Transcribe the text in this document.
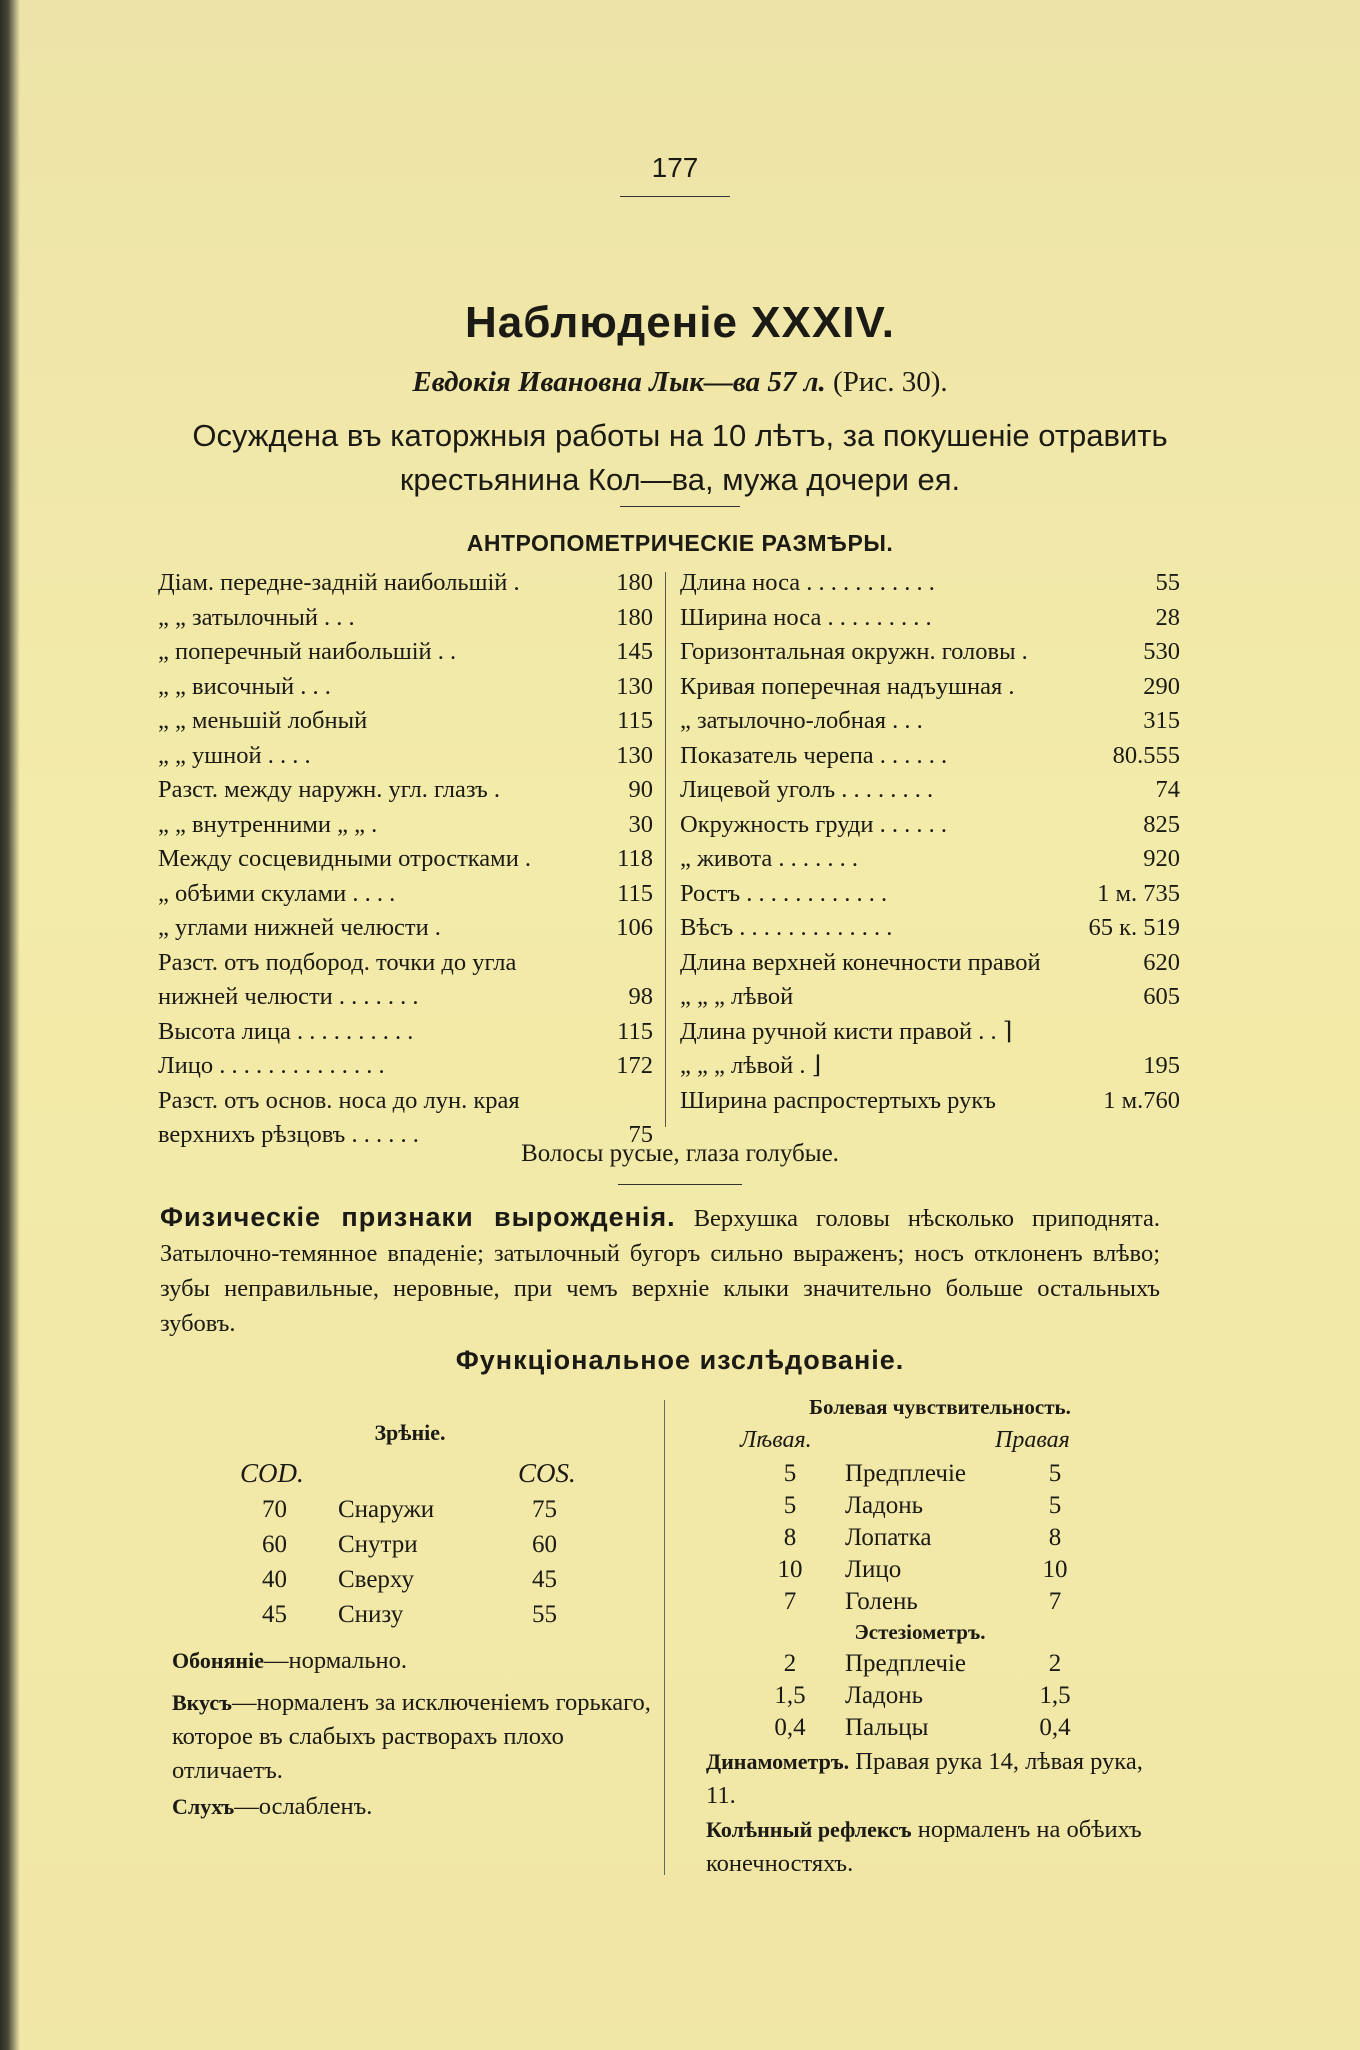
177
Наблюденіе XXXIV.
Евдокія Ивановна Лык—ва 57 л. (Рис. 30).
Осуждена въ каторжныя работы на 10 лѣтъ, за покушеніе отравить крестьянина Кол—ва, мужа дочери ея.
АНТРОПОМЕТРИЧЕСКІЕ РАЗМѢРЫ.
Діам. передне-задній наибольшій .	180
„ „ затылочный . . .	180
„ поперечный наибольшій . .	145
„ „ височный . . .	130
„ „ меньшій лобный	115
„ „ ушной . . . .	130
Разст. между наружн. угл. глазъ .	90
„ „ внутренними „ „ .	30
Между сосцевидными отростками .	118
„ обѣими скулами . . . .	115
„ углами нижней челюсти .	106
Разст. отъ подбород. точки до угла
нижней челюсти . . . . . . .	98
Высота лица . . . . . . . . . .	115
Лицо . . . . . . . . . . . . . .	172
Разст. отъ основ. носа до лун. края
верхнихъ рѣзцовъ . . . . . .	75
Длина носа . . . . . . . . . . .	55
Ширина носа . . . . . . . . .	28
Горизонтальная окружн. головы .	530
Кривая поперечная надъушная .	290
„ затылочно-лобная . . .	315
Показатель черепа . . . . . .	80.555
Лицевой уголъ . . . . . . . .	74
Окружность груди . . . . . .	825
„ живота . . . . . . .	920
Ростъ . . . . . . . . . . . .	1 м. 735
Вѣсъ . . . . . . . . . . . . .	65 к. 519
Длина верхней конечности правой	620
„ „ „ лѣвой	605
Длина ручной кисти правой . . ⌉
„ „ „ лѣвой . ⌋	195
Ширина распростертыхъ рукъ	1 м.760
Волосы русые, глаза голубые.
Физическіе признаки вырожденія. Верхушка головы нѣсколько приподнята. Затылочно-темянное впаденіе; затылочный бугоръ сильно выраженъ; носъ отклоненъ влѣво; зубы неправильные, неровные, при чемъ верхніе клыки значительно больше остальныхъ зубовъ.
Функціональное изслѣдованіе.
Зрѣніе.
COD.	COS.
70 Снаружи	75
60 Снутри	60
40 Сверху	45
45 Снизу	55
Обоняніе—нормально.
Вкусъ—нормаленъ за исключеніемъ горькаго, которое въ слабыхъ растворахъ плохо отличаетъ.
Слухъ—ослабленъ.
Болевая чувствительность.
Лѣвая.	Правая
5	Предплечіе	5
5	Ладонь	5
8	Лопатка	8
10	Лицо	10
7	Голень	7
Эстезіометръ.
2	Предплечіе	2
1,5	Ладонь	1,5
0,4	Пальцы	0,4
Динамометръ. Правая рука 14, лѣвая рука, 11.
Колѣнный рефлексъ нормаленъ на обѣихъ конечностяхъ.
